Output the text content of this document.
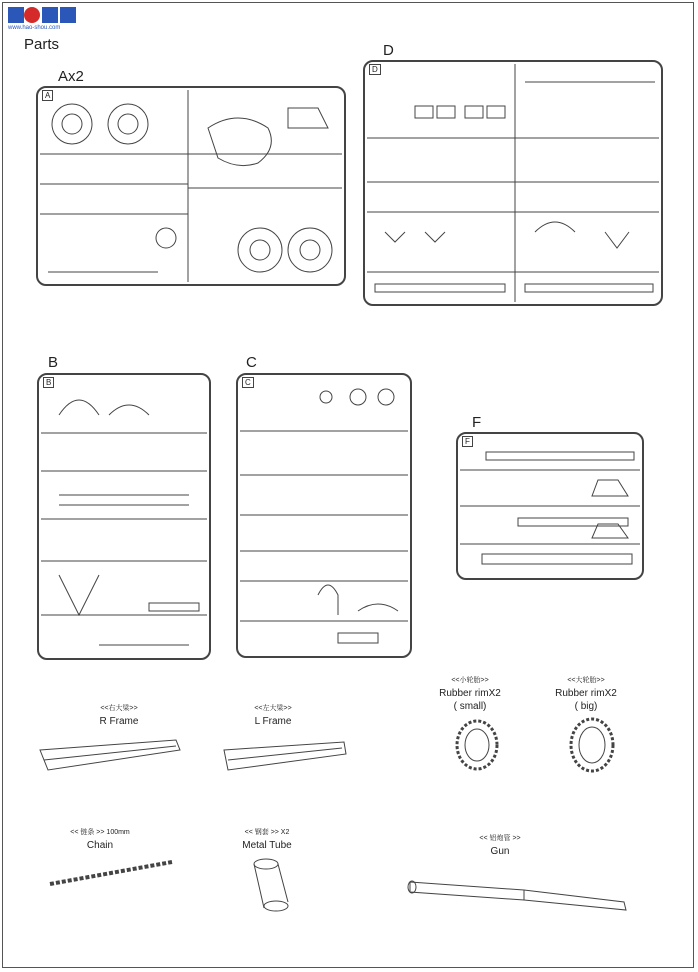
www.hao-shou.com
Parts
Ax2
A
D
D
B
B
C
C
F
F
<<右大梁>>
R Frame
<<左大梁>>
L Frame
<<小轮胎>>
Rubber rimX2
( small)
<<大轮胎>>
Rubber rimX2
( big)
<< 链条 >> 100mm
Chain
<< 钢套 >> X2
Metal Tube
<< 铝炮管 >>
Gun
